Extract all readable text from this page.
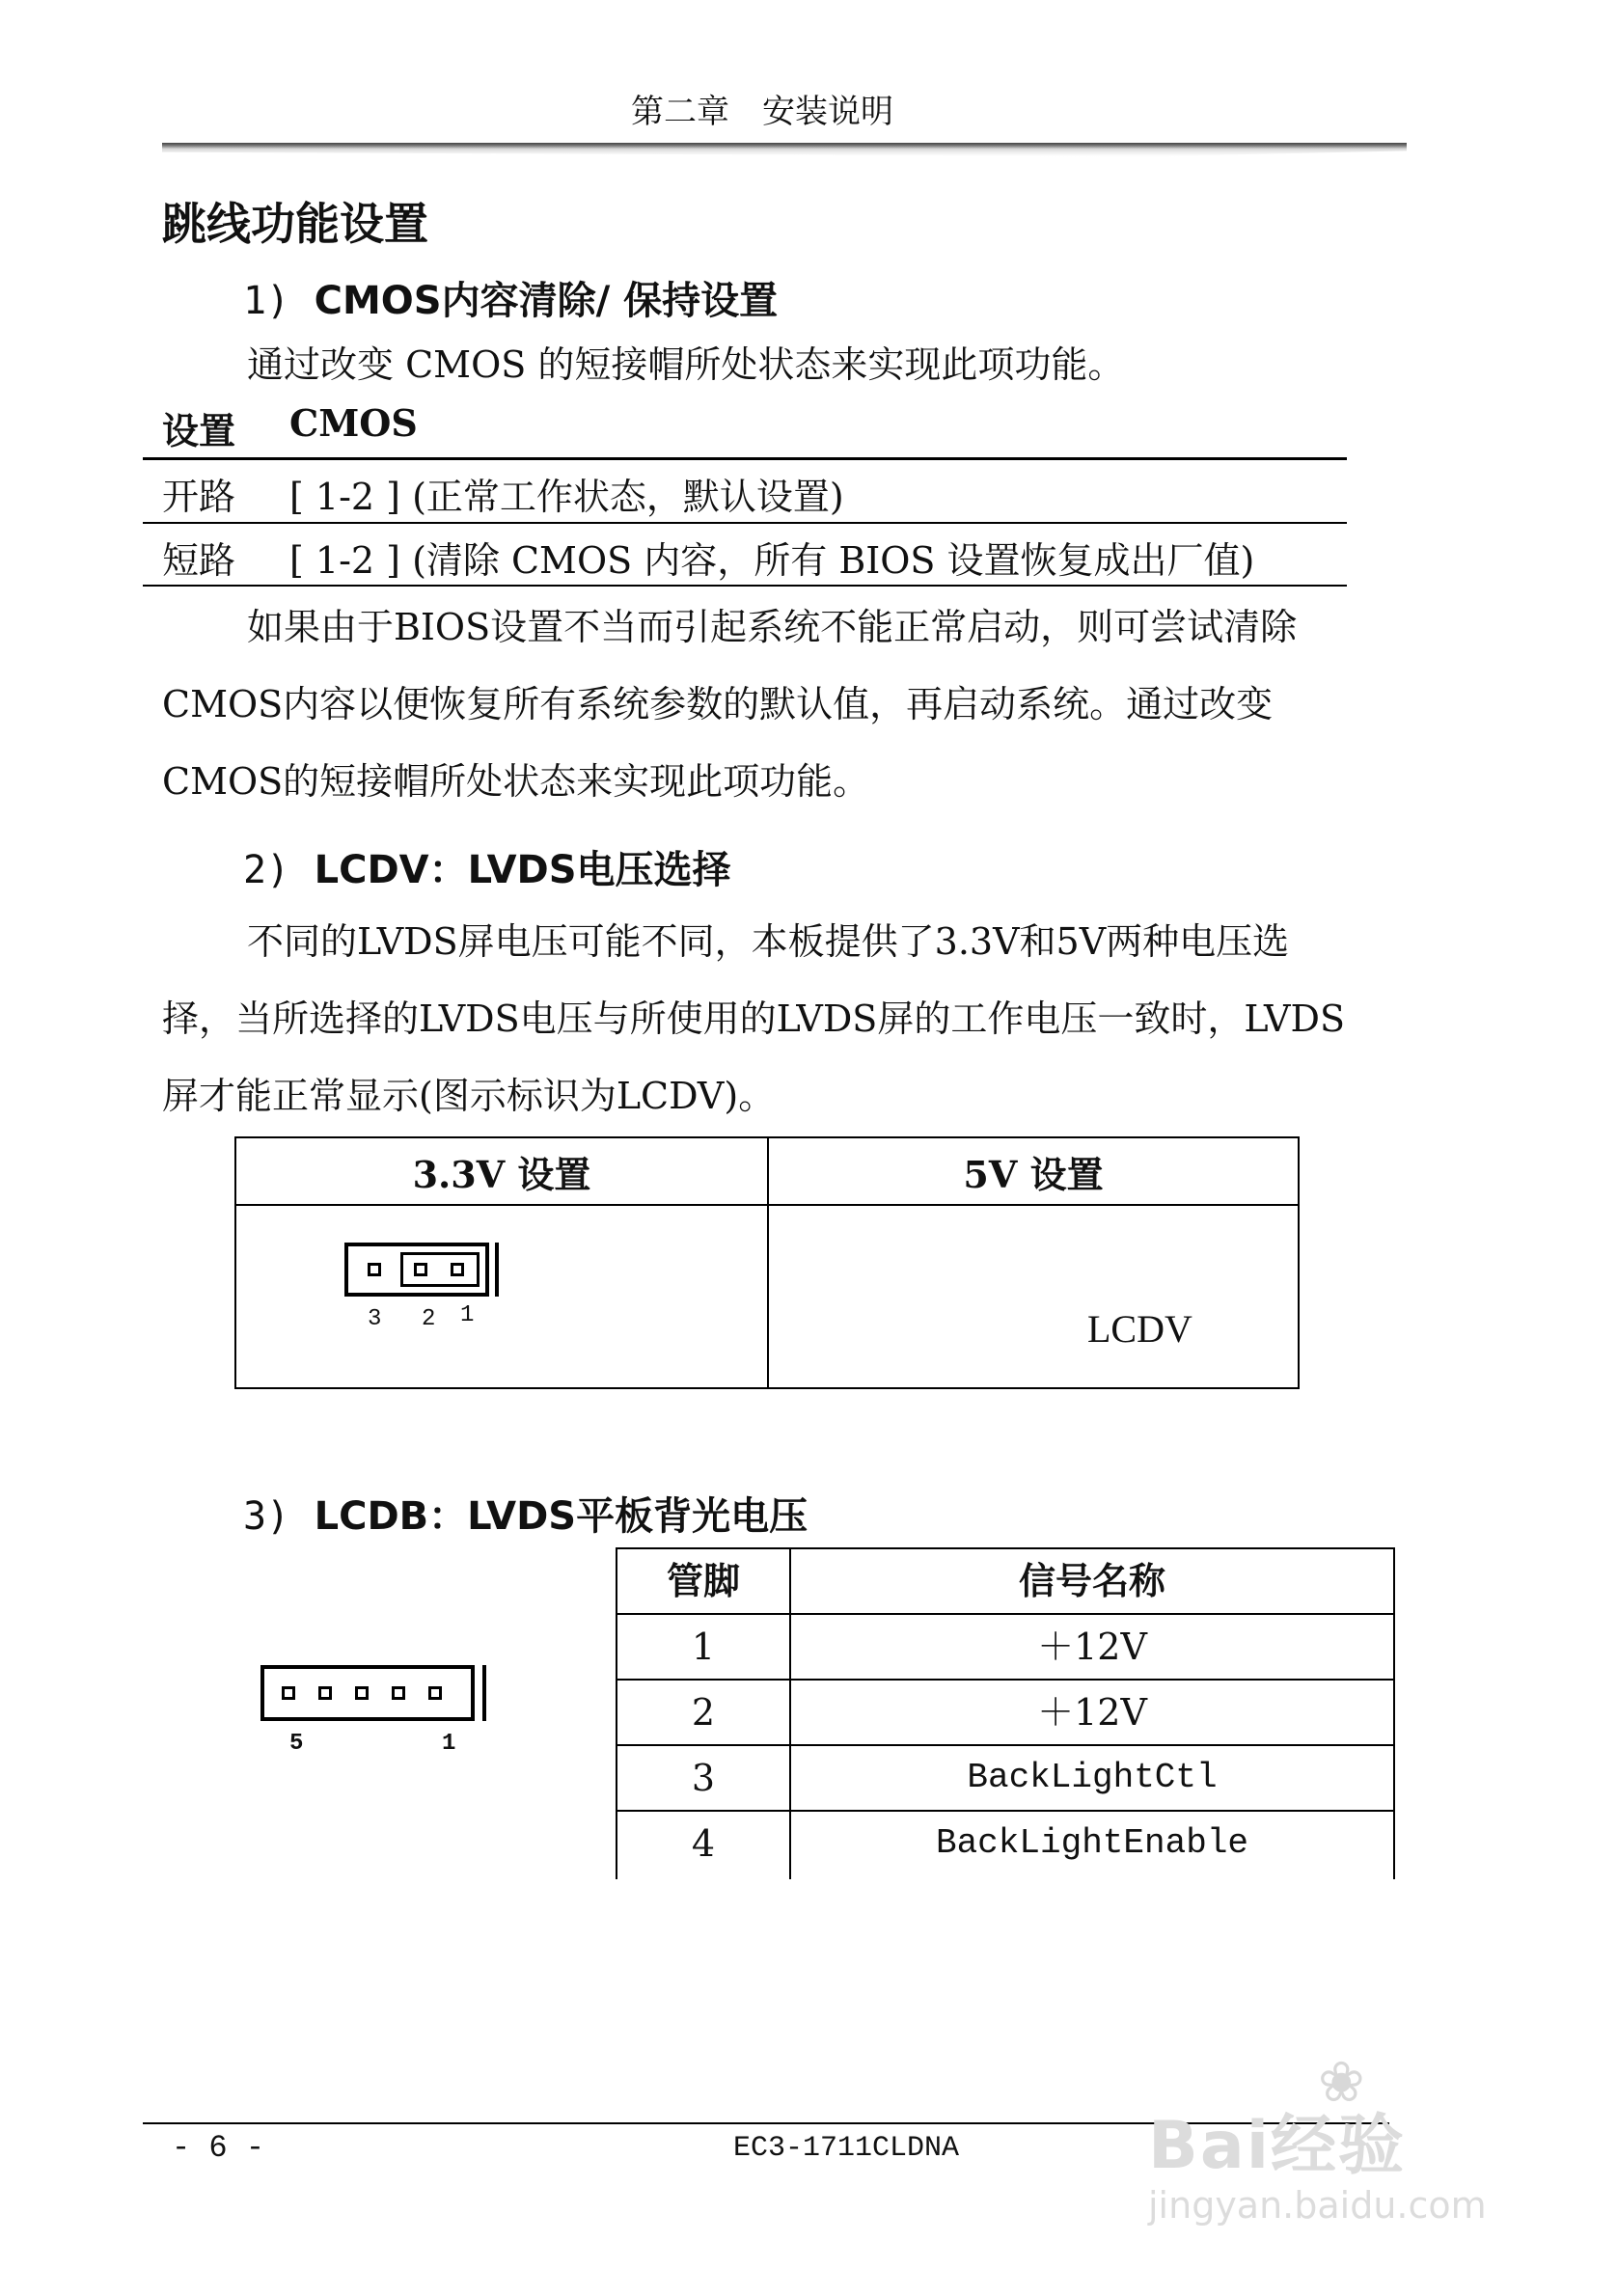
第二章　安装说明
跳线功能设置
1) CMOS内容清除/ 保持设置
通过改变 CMOS 的短接帽所处状态来实现此项功能。
设置 CMOS
开路 [ 1-2 ] (正常工作状态，默认设置)
短路 [ 1-2 ] (清除 CMOS 内容，所有 BIOS 设置恢复成出厂值)
如果由于BIOS设置不当而引起系统不能正常启动，则可尝试清除
CMOS内容以便恢复所有系统参数的默认值，再启动系统。通过改变
CMOS的短接帽所处状态来实现此项功能。
2) LCDV：LVDS电压选择
不同的LVDS屏电压可能不同，本板提供了3.3V和5V两种电压选
择，当所选择的LVDS电压与所使用的LVDS屏的工作电压一致时，LVDS
屏才能正常显示(图示标识为LCDV)。
3.3V 设置	5V 设置

3 2 1	LCDV
3) LCDB：LVDS平板背光电压
5	1
管脚	信号名称
1	＋12V
2	＋12V
3	BackLightCtl
4	BackLightEnable
- 6 -	EC3-1711CLDNA	Bai经验
❀
jingyan.baidu.com
